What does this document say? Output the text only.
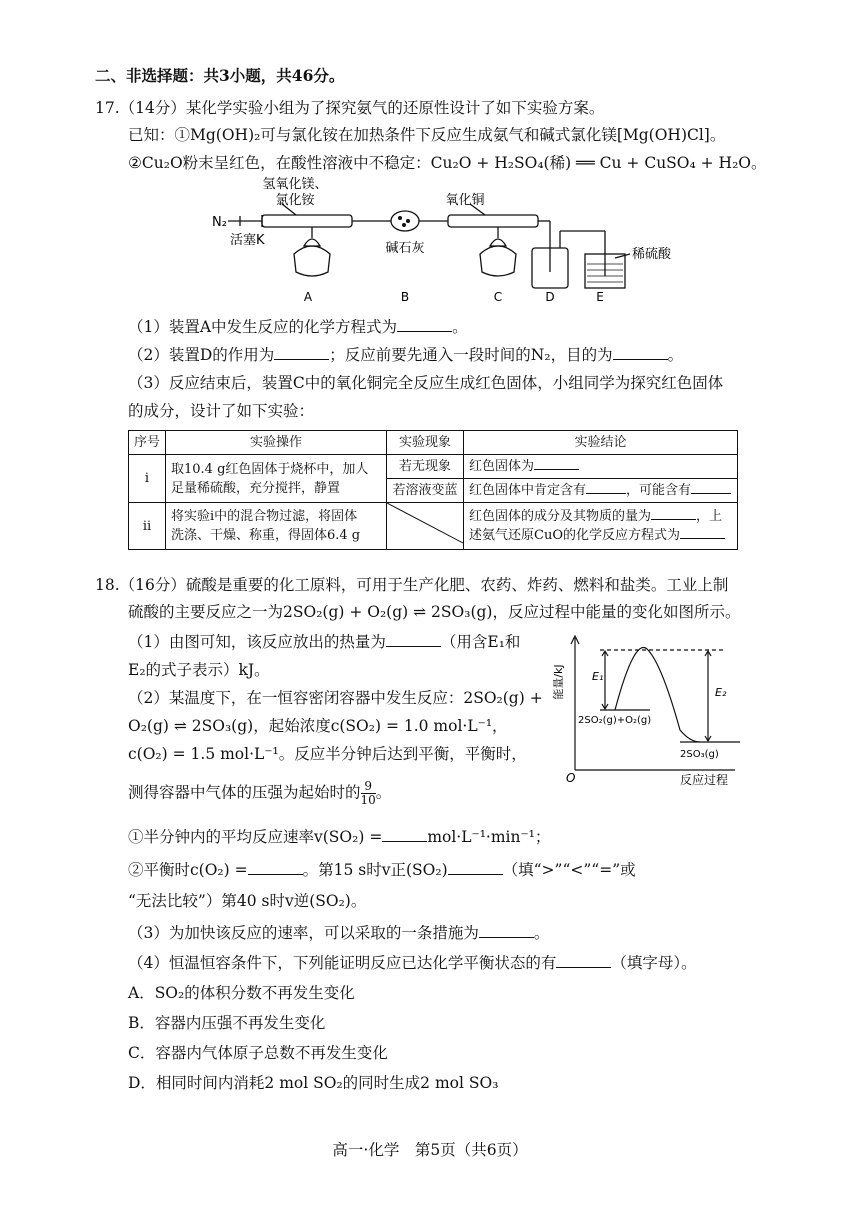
二、非选择题：共3小题，共46分。
17.（14分）某化学实验小组为了探究氨气的还原性设计了如下实验方案。
已知：①Mg(OH)₂可与氯化铵在加热条件下反应生成氨气和碱式氯化镁[Mg(OH)Cl]。
②Cu₂O粉末呈红色，在酸性溶液中不稳定：Cu₂O + H₂SO₄(稀) ══ Cu + CuSO₄ + H₂O。
氢氧化镁、
氯化铵	氧化铜
N₂
活塞K
碱石灰	稀硫酸
A	B	C	D	E
（1）装置A中发生反应的化学方程式为	。
（2）装置D的作用为	；反应前要先通入一段时间的N₂，目的为	。
（3）反应结束后，装置C中的氧化铜完全反应生成红色固体，小组同学为探究红色固体
的成分，设计了如下实验：
序号	实验操作	实验现象	实验结论
ⅰ	取10.4 g红色固体于烧杯中，加人
足量稀硫酸，充分搅拌，静置	若无现象	红色固体为
		若溶液变蓝	红色固体中肯定含有 ，可能含有
ⅱ	将实验ⅰ中的混合物过滤，将固体
洗涤、干燥、称重，得固体6.4 g		红色固体的成分及其物质的量为 ，上
述氨气还原CuO的化学反应方程式为
18.（16分）硫酸是重要的化工原料，可用于生产化肥、农药、炸药、燃料和盐类。工业上制
硫酸的主要反应之一为2SO₂(g) + O₂(g) ⇌ 2SO₃(g)，反应过程中能量的变化如图所示。
（1）由图可知，该反应放出的热量为	（用含E₁和
E₂的式子表示）kJ。
（2）某温度下，在一恒容密闭容器中发生反应：2SO₂(g) +
O₂(g) ⇌ 2SO₃(g)，起始浓度c(SO₂) = 1.0 mol·L⁻¹，
c(O₂) = 1.5 mol·L⁻¹。反应半分钟后达到平衡，平衡时，
测得容器中气体的压强为起始时的 $\frac{9}{10}$ 。
能量/kJ E₁
E₂
2SO₂(g)+O₂(g)
2SO₃(g)
O	反应过程
①半分钟内的平均反应速率v(SO₂) =	mol·L⁻¹·min⁻¹；
②平衡时c(O₂) =	。第15 s时v正(SO₂)	（填“>”“<”“=”或
“无法比较”）第40 s时v逆(SO₂)。
（3）为加快该反应的速率，可以采取的一条措施为	。
（4）恒温恒容条件下，下列能证明反应已达化学平衡状态的有	（填字母）。
A．SO₂的体积分数不再发生变化
B．容器内压强不再发生变化
C．容器内气体原子总数不再发生变化
D．相同时间内消耗2 mol SO₂的同时生成2 mol SO₃
高一·化学　第5页（共6页）
